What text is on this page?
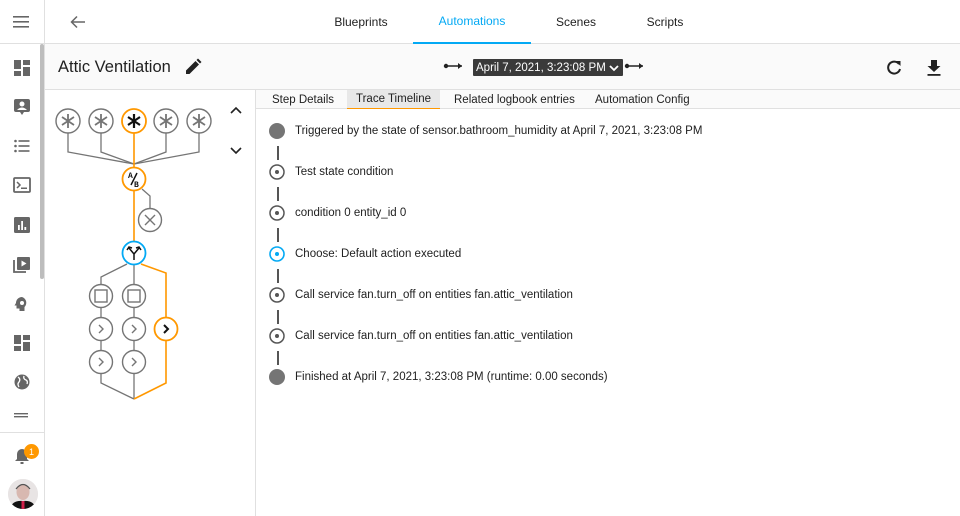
1
Blueprints	Automations	Scenes	Scripts
Attic Ventilation	April 7, 2021, 3:23:08 PM
A
B
Step Details	Trace Timeline	Related logbook entries	Automation Config
Triggered by the state of sensor.bathroom_humidity at April 7, 2021, 3:23:08 PM
Test state condition
condition 0 entity_id 0
Choose: Default action executed
Call service fan.turn_off on entities fan.attic_ventilation
Call service fan.turn_off on entities fan.attic_ventilation
Finished at April 7, 2021, 3:23:08 PM (runtime: 0.00 seconds)
